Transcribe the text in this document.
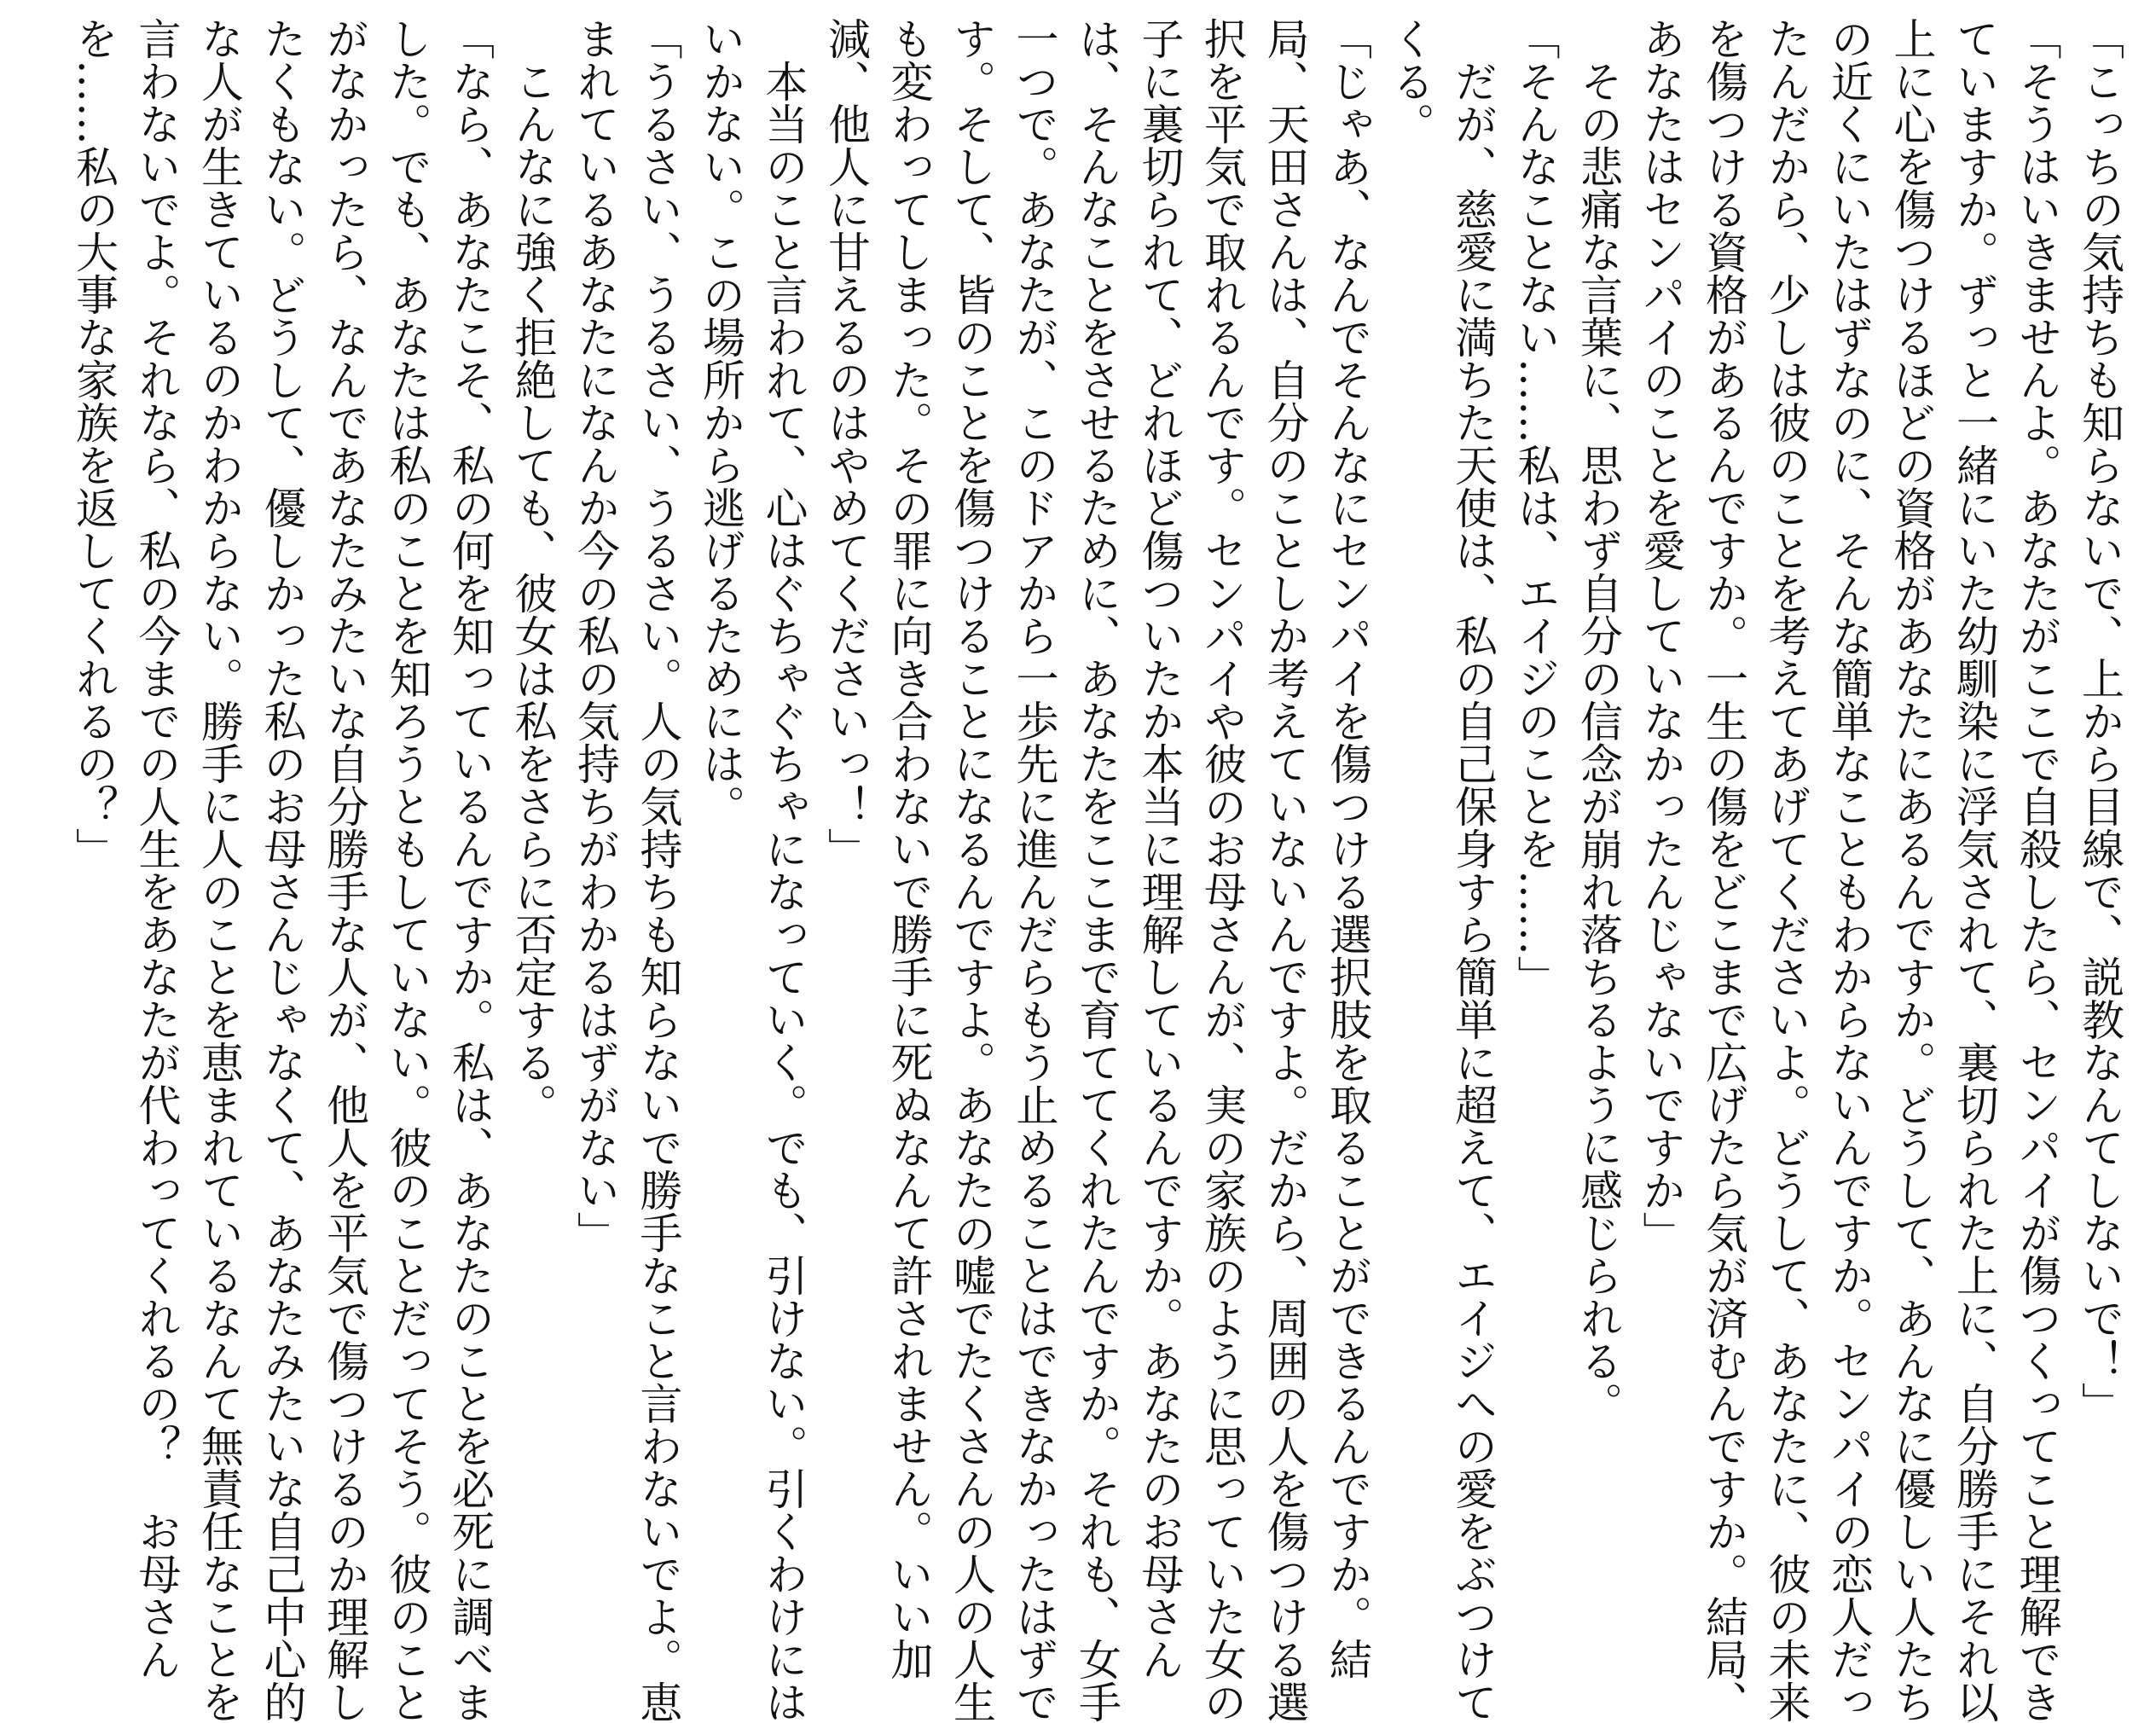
「こっちの気持ちも知らないで、上から目線で、説教なんてしないで！」
「そうはいきませんよ。あなたがここで自殺したら、センパイが傷つくってこと理解でき
ていますか。ずっと一緒にいた幼馴染に浮気されて、裏切られた上に、自分勝手にそれ以
上に心を傷つけるほどの資格があなたにあるんですか。どうして、あんなに優しい人たち
の近くにいたはずなのに、そんな簡単なこともわからないんですか。センパイの恋人だっ
たんだから、少しは彼のことを考えてあげてくださいよ。どうして、あなたに、彼の未来
を傷つける資格があるんですか。一生の傷をどこまで広げたら気が済むんですか。結局、
あなたはセンパイのことを愛していなかったんじゃないですか」
その悲痛な言葉に、思わず自分の信念が崩れ落ちるように感じられる。
「そんなことない……私は、エイジのことを……」
だが、慈愛に満ちた天使は、私の自己保身すら簡単に超えて、エイジへの愛をぶつけて
くる。
「じゃあ、なんでそんなにセンパイを傷つける選択肢を取ることができるんですか。結
局、天田さんは、自分のことしか考えていないんですよ。だから、周囲の人を傷つける選
択を平気で取れるんです。センパイや彼のお母さんが、実の家族のように思っていた女の
子に裏切られて、どれほど傷ついたか本当に理解しているんですか。あなたのお母さん
は、そんなことをさせるために、あなたをここまで育ててくれたんですか。それも、女手
一つで。あなたが、このドアから一歩先に進んだらもう止めることはできなかったはずで
す。そして、皆のことを傷つけることになるんですよ。あなたの嘘でたくさんの人の人生
も変わってしまった。その罪に向き合わないで勝手に死ぬなんて許されません。いい加
減、他人に甘えるのはやめてくださいっ！」
本当のこと言われて、心はぐちゃぐちゃになっていく。でも、引けない。引くわけには
いかない。この場所から逃げるためには。
「うるさい、うるさい、うるさい。人の気持ちも知らないで勝手なこと言わないでよ。恵
まれているあなたになんか今の私の気持ちがわかるはずがない」
こんなに強く拒絶しても、彼女は私をさらに否定する。
「なら、あなたこそ、私の何を知っているんですか。私は、あなたのことを必死に調べま
した。でも、あなたは私のことを知ろうともしていない。彼のことだってそう。彼のこと
がなかったら、なんであなたみたいな自分勝手な人が、他人を平気で傷つけるのか理解し
たくもない。どうして、優しかった私のお母さんじゃなくて、あなたみたいな自己中心的
な人が生きているのかわからない。勝手に人のことを恵まれているなんて無責任なことを
言わないでよ。それなら、私の今までの人生をあなたが代わってくれるの？　お母さん
を……私の大事な家族を返してくれるの？」
